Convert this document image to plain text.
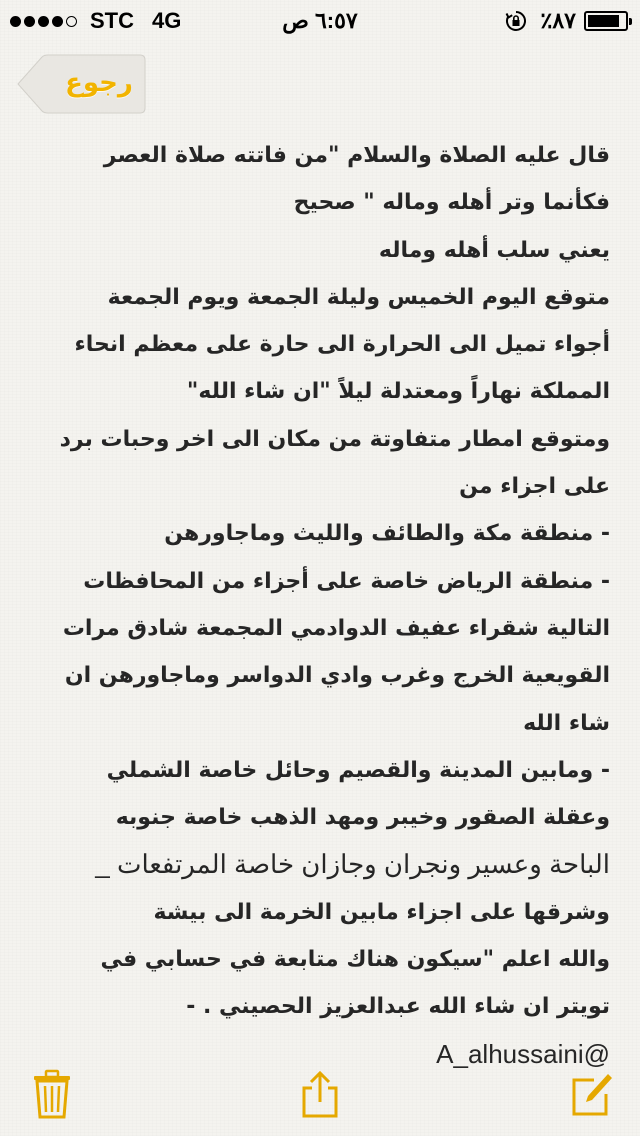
STC 4G	٦:٥٧ ص	٪٨٧
رجوع
قال عليه الصلاة والسلام "من فاتته صلاة العصر
فكأنما وتر أهله وماله " صحيح
يعني سلب أهله وماله
متوقع اليوم الخميس وليلة الجمعة ويوم الجمعة
أجواء تميل الى الحرارة الى حارة على معظم انحاء
المملكة نهاراً ومعتدلة ليلاً "ان شاء الله"
ومتوقع امطار متفاوتة من مكان الى اخر وحبات برد
على اجزاء من
- منطقة مكة والطائف والليث وماجاورهن
- منطقة الرياض خاصة على أجزاء من المحافظات
التالية شقراء عفيف الدوادمي المجمعة شادق مرات
القويعية الخرج وغرب وادي الدواسر وماجاورهن ان
شاء الله
- ومابين المدينة والقصيم وحائل خاصة الشملي
وعقلة الصقور وخيبر ومهد الذهب خاصة جنوبه
_ الباحة وعسير ونجران وجازان خاصة المرتفعات
وشرقها على اجزاء مابين الخرمة الى بيشة
والله اعلم "سيكون هناك متابعة في حسابي في
تويتر ان شاء الله عبدالعزيز الحصيني . -
A_alhussaini@
